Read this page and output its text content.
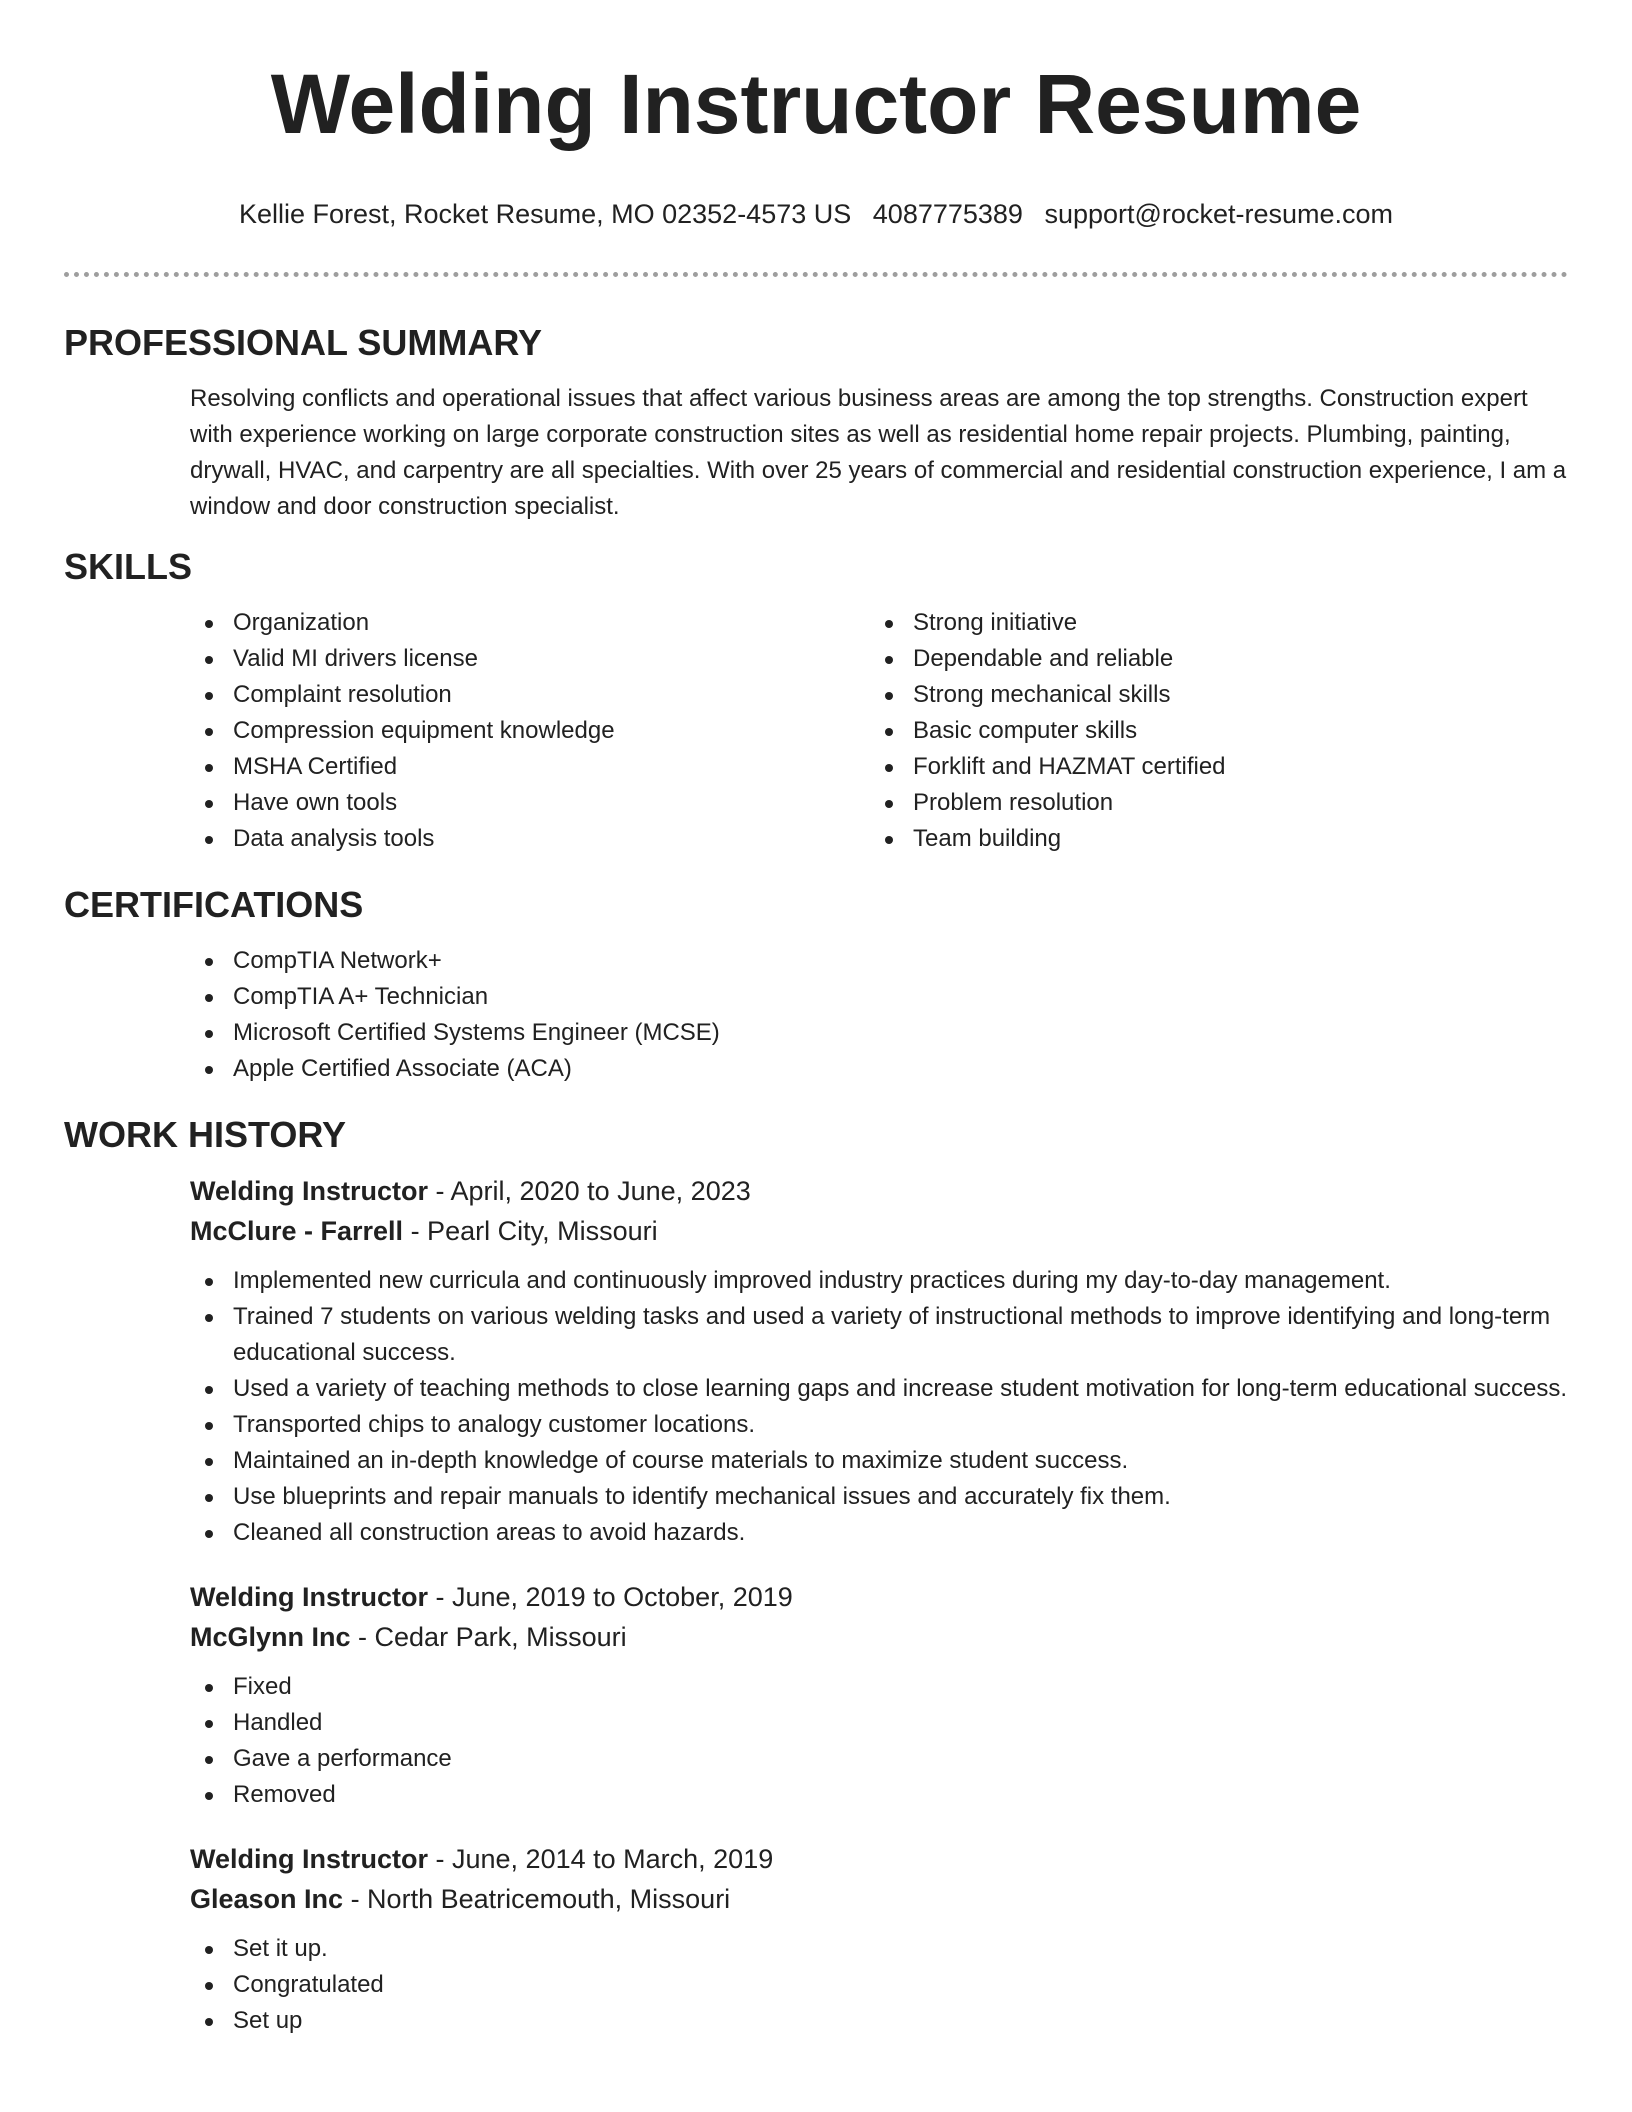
Welding Instructor Resume
Kellie Forest, Rocket Resume, MO 02352-4573 US 4087775389 support@rocket-resume.com
PROFESSIONAL SUMMARY
Resolving conflicts and operational issues that affect various business areas are among the top strengths. Construction expert with experience working on large corporate construction sites as well as residential home repair projects. Plumbing, painting, drywall, HVAC, and carpentry are all specialties. With over 25 years of commercial and residential construction experience, I am a window and door construction specialist.
SKILLS
Organization
Valid MI drivers license
Complaint resolution
Compression equipment knowledge
MSHA Certified
Have own tools
Data analysis tools
Strong initiative
Dependable and reliable
Strong mechanical skills
Basic computer skills
Forklift and HAZMAT certified
Problem resolution
Team building
CERTIFICATIONS
CompTIA Network+
CompTIA A+ Technician
Microsoft Certified Systems Engineer (MCSE)
Apple Certified Associate (ACA)
WORK HISTORY
Welding Instructor - April, 2020 to June, 2023
McClure - Farrell - Pearl City, Missouri
Implemented new curricula and continuously improved industry practices during my day-to-day management.
Trained 7 students on various welding tasks and used a variety of instructional methods to improve identifying and long-term educational success.
Used a variety of teaching methods to close learning gaps and increase student motivation for long-term educational success.
Transported chips to analogy customer locations.
Maintained an in-depth knowledge of course materials to maximize student success.
Use blueprints and repair manuals to identify mechanical issues and accurately fix them.
Cleaned all construction areas to avoid hazards.
Welding Instructor - June, 2019 to October, 2019
McGlynn Inc - Cedar Park, Missouri
Fixed
Handled
Gave a performance
Removed
Welding Instructor - June, 2014 to March, 2019
Gleason Inc - North Beatricemouth, Missouri
Set it up.
Congratulated
Set up
